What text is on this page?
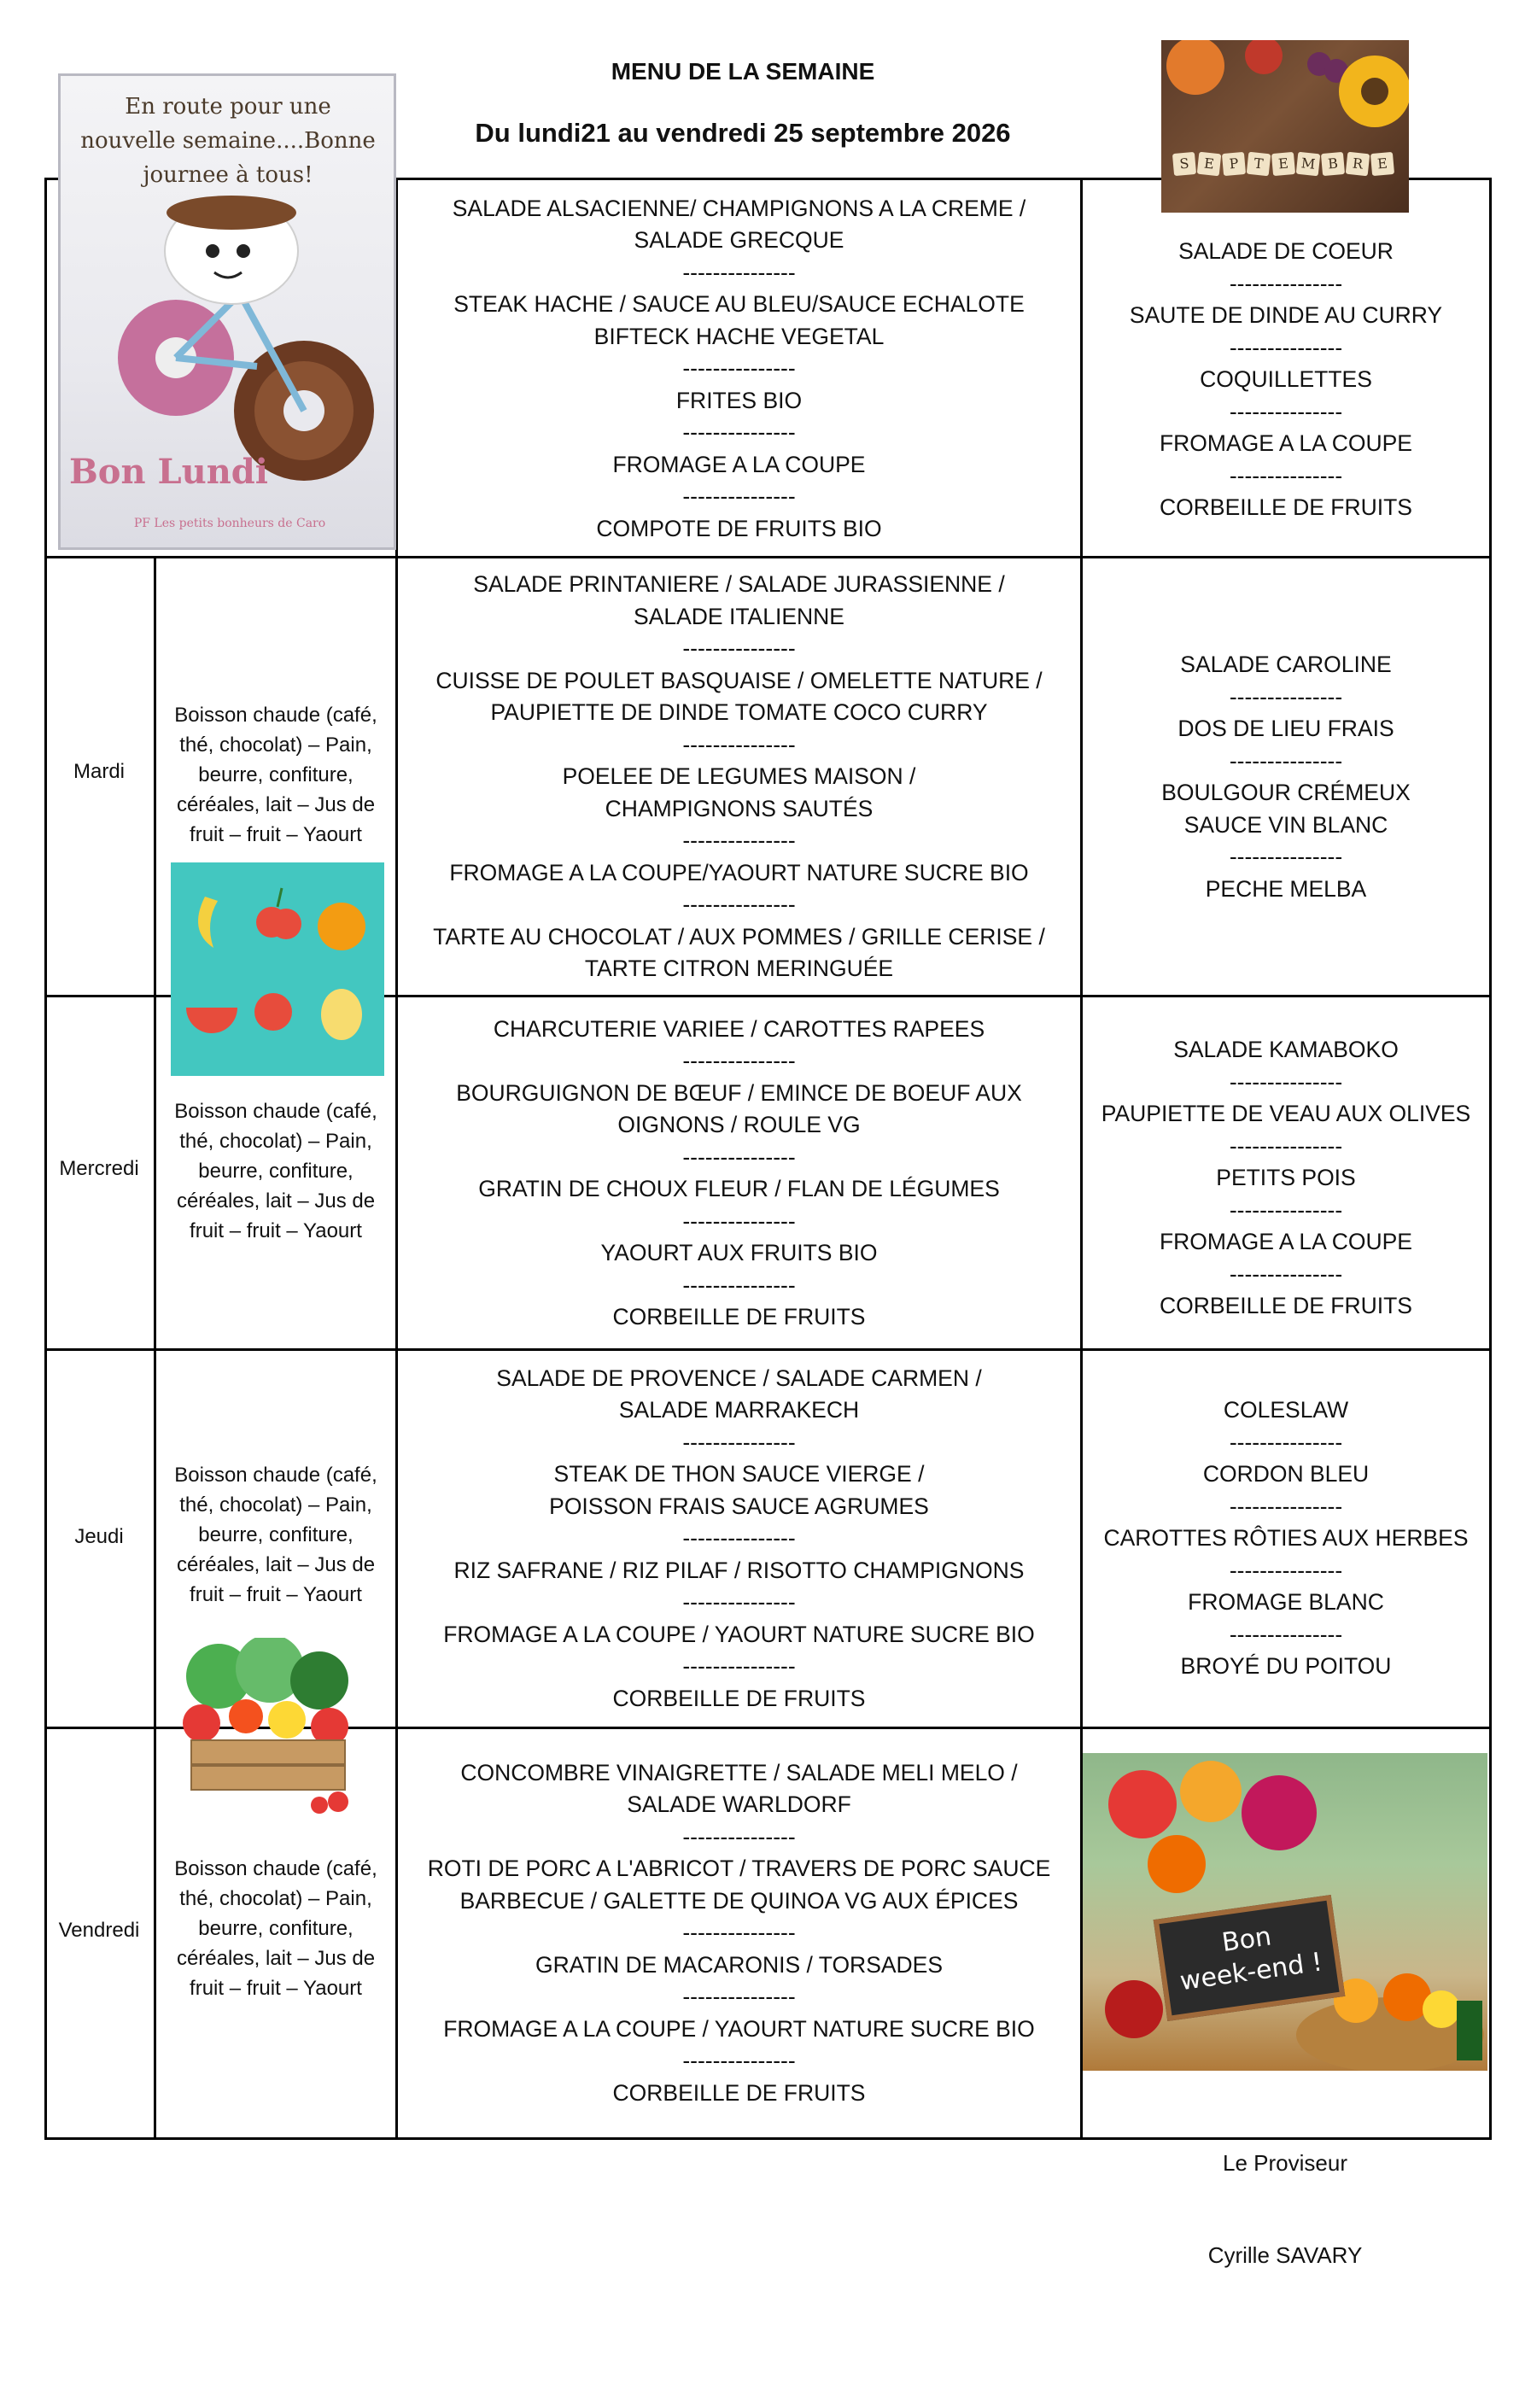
MENU DE LA SEMAINE
Du lundi21 au vendredi 25 septembre 2026
En route pour une nouvelle semaine....Bonne journee à tous!
Bon Lundi
PF Les petits bonheurs de Caro
S E P	T E M B R E
Bon
week-end !
Mardi
Mercredi
Jeudi
Vendredi
Boisson chaude (café,
thé, chocolat) – Pain,
beurre, confiture,
céréales, lait – Jus de
fruit – fruit – Yaourt
Boisson chaude (café,
thé, chocolat) – Pain,
beurre, confiture,
céréales, lait – Jus de
fruit – fruit – Yaourt
Boisson chaude (café,
thé, chocolat) – Pain,
beurre, confiture,
céréales, lait – Jus de
fruit – fruit – Yaourt
Boisson chaude (café,
thé, chocolat) – Pain,
beurre, confiture,
céréales, lait – Jus de
fruit – fruit – Yaourt
SALADE ALSACIENNE/ CHAMPIGNONS A LA CREME /
SALADE GRECQUE
---------------
STEAK HACHE / SAUCE AU BLEU/SAUCE ECHALOTE
BIFTECK HACHE VEGETAL
---------------
FRITES BIO
---------------
FROMAGE A LA COUPE
---------------
COMPOTE DE FRUITS BIO
SALADE PRINTANIERE / SALADE JURASSIENNE /
SALADE ITALIENNE
---------------
CUISSE DE POULET BASQUAISE / OMELETTE NATURE /
PAUPIETTE DE DINDE TOMATE COCO CURRY
---------------
POELEE DE LEGUMES MAISON /
CHAMPIGNONS SAUTÉS
---------------
FROMAGE A LA COUPE/YAOURT NATURE SUCRE BIO
---------------
TARTE AU CHOCOLAT / AUX POMMES / GRILLE CERISE /
TARTE CITRON MERINGUÉE
CHARCUTERIE VARIEE / CAROTTES RAPEES
---------------
BOURGUIGNON DE BŒUF / EMINCE DE BOEUF AUX
OIGNONS / ROULE VG
---------------
GRATIN DE CHOUX FLEUR / FLAN DE LÉGUMES
---------------
YAOURT AUX FRUITS BIO
---------------
CORBEILLE DE FRUITS
SALADE DE PROVENCE / SALADE CARMEN /
SALADE MARRAKECH
---------------
STEAK DE THON SAUCE VIERGE /
POISSON FRAIS SAUCE AGRUMES
---------------
RIZ SAFRANE / RIZ PILAF / RISOTTO CHAMPIGNONS
---------------
FROMAGE A LA COUPE / YAOURT NATURE SUCRE BIO
---------------
CORBEILLE DE FRUITS
CONCOMBRE VINAIGRETTE / SALADE MELI MELO /
SALADE WARLDORF
---------------
ROTI DE PORC A L'ABRICOT / TRAVERS DE PORC SAUCE
BARBECUE / GALETTE DE QUINOA VG AUX ÉPICES
---------------
GRATIN DE MACARONIS / TORSADES
---------------
FROMAGE A LA COUPE / YAOURT NATURE SUCRE BIO
---------------
CORBEILLE DE FRUITS
SALADE DE COEUR
---------------
SAUTE DE DINDE AU CURRY
---------------
COQUILLETTES
---------------
FROMAGE A LA COUPE
---------------
CORBEILLE DE FRUITS
SALADE CAROLINE
---------------
DOS DE LIEU FRAIS
---------------
BOULGOUR CRÉMEUX
SAUCE VIN BLANC
---------------
PECHE MELBA
SALADE KAMABOKO
---------------
PAUPIETTE DE VEAU AUX OLIVES
---------------
PETITS POIS
---------------
FROMAGE A LA COUPE
---------------
CORBEILLE DE FRUITS
COLESLAW
---------------
CORDON BLEU
---------------
CAROTTES RÔTIES AUX HERBES
---------------
FROMAGE BLANC
---------------
BROYÉ DU POITOU
Le Proviseur
Cyrille SAVARY
